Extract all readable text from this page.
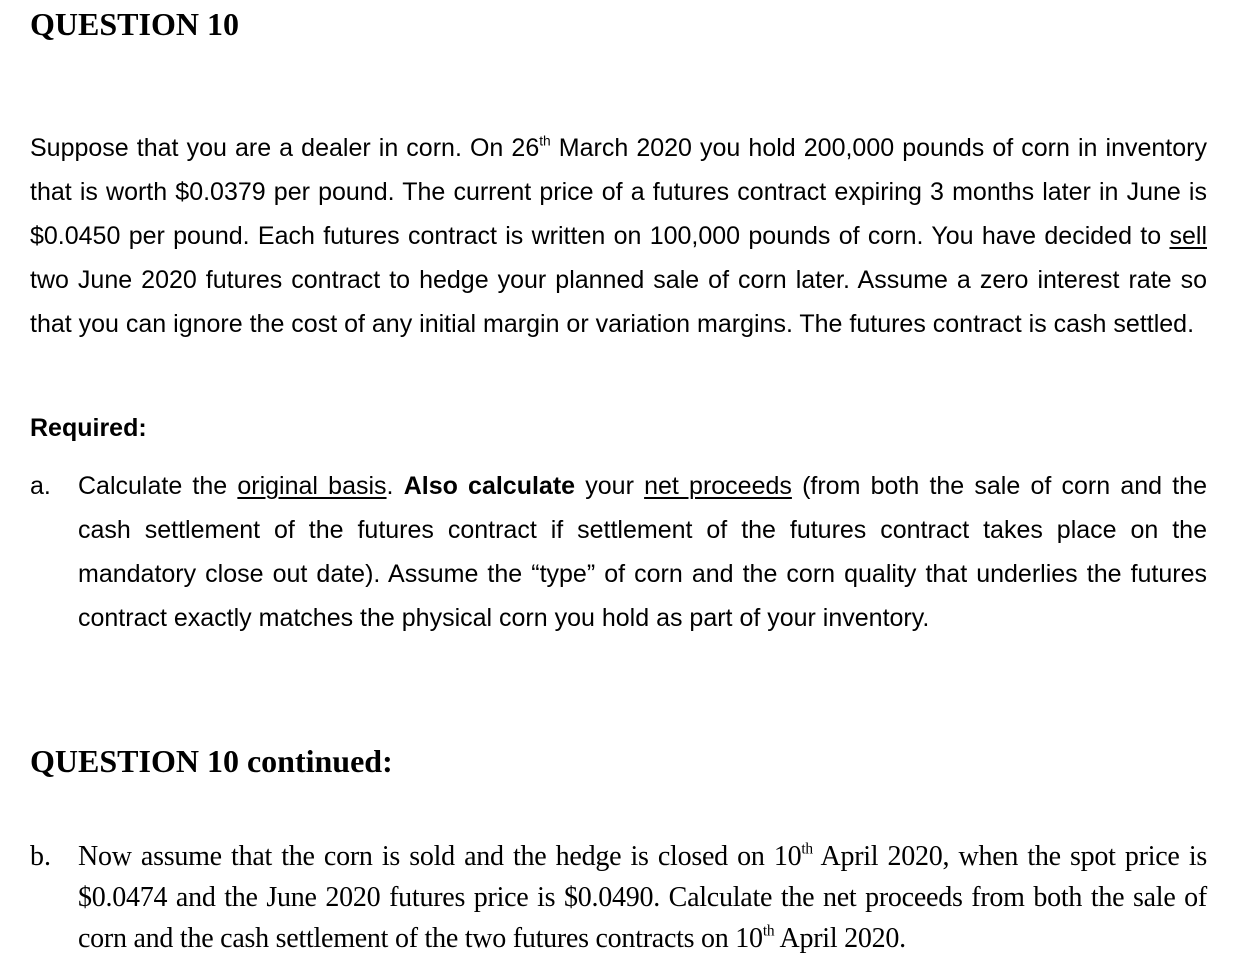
QUESTION 10

Suppose that you are a dealer in corn. On 26th March 2020 you hold 200,000 pounds of corn in inventory that is worth $0.0379 per pound. The current price of a futures contract expiring 3 months later in June is $0.0450 per pound. Each futures contract is written on 100,000 pounds of corn. You have decided to sell two June 2020 futures contract to hedge your planned sale of corn later. Assume a zero interest rate so that you can ignore the cost of any initial margin or variation margins. The futures contract is cash settled.

Required:

a.	Calculate the original basis. Also calculate your net proceeds (from both the sale of corn and the cash settlement of the futures contract if settlement of the futures contract takes place on the mandatory close out date). Assume the “type” of corn and the corn quality that underlies the futures contract exactly matches the physical corn you hold as part of your inventory.
QUESTION 10 continued:
b. Now assume that the corn is sold and the hedge is closed on 10th April 2020, when the spot price is $0.0474 and the June 2020 futures price is $0.0490. Calculate the net proceeds from both the sale of corn and the cash settlement of the two futures contracts on 10th April 2020.
